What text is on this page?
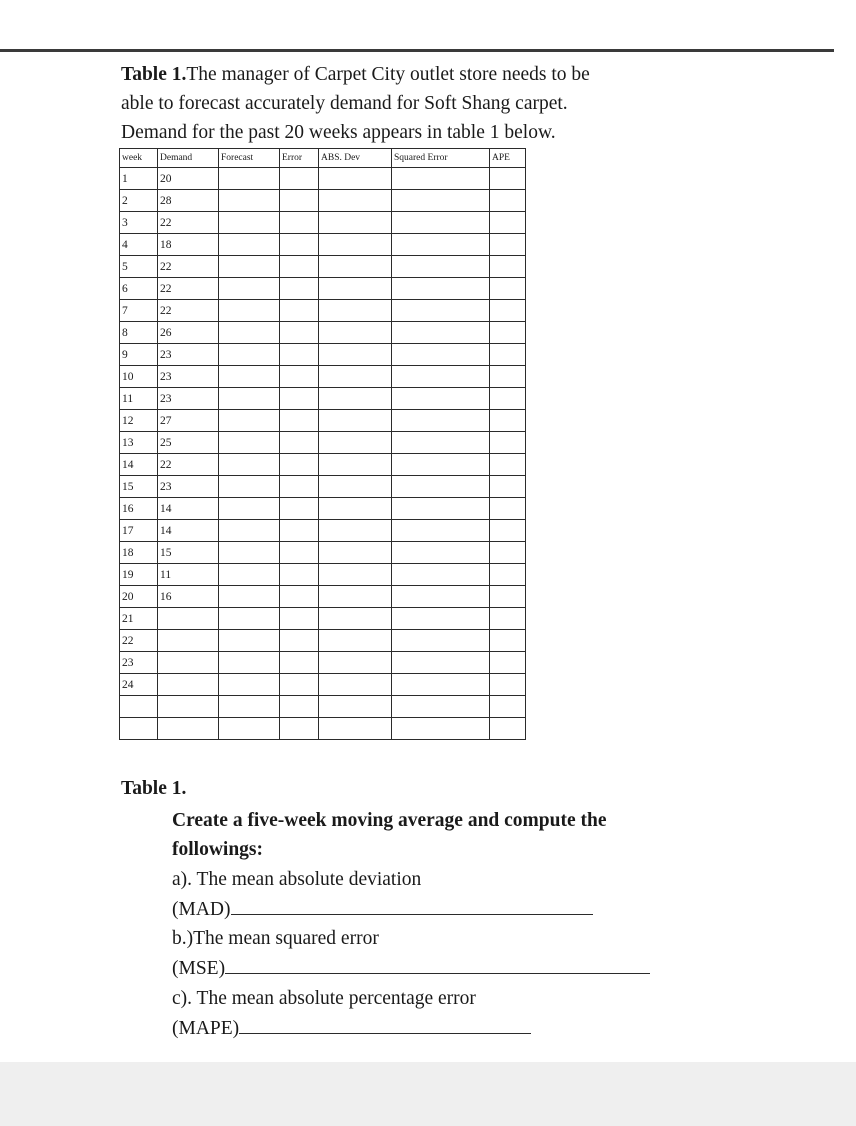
Table 1.The manager of Carpet City outlet store needs to be
able to forecast accurately demand for Soft Shang carpet.
Demand for the past 20 weeks appears in table 1 below.
week	Demand	Forecast	Error	ABS. Dev	Squared Error	APE
1	20					
2	28					
3	22					
4	18					
5	22					
6	22					
7	22					
8	26					
9	23					
10	23					
11	23					
12	27					
13	25					
14	22					
15	23					
16	14					
17	14					
18	15					
19	11					
20	16					
21						
22						
23						
24						

Table 1.
Create a five-week moving average and compute the
followings:
a). The mean absolute deviation
(MAD)
b.)The mean squared error
(MSE)
c). The mean absolute percentage error
(MAPE)
